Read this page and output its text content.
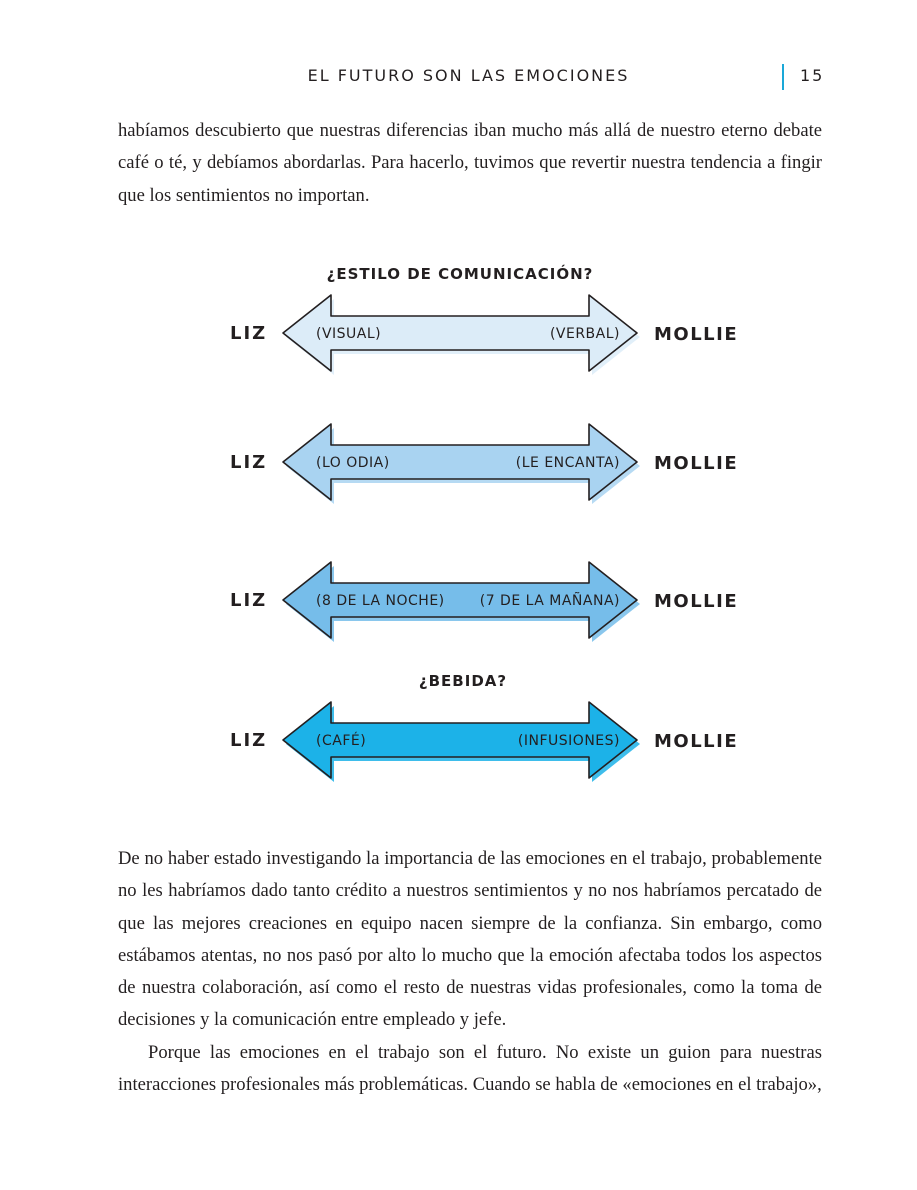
EL FUTURO SON LAS EMOCIONES	15

habíamos descubierto que nuestras diferencias iban mucho más allá de nuestro eterno debate café o té, y debíamos abordarlas. Para hacerlo, tuvimos que revertir nuestra tendencia a fingir que los sentimientos no importan.

LIZ	MOLLIE
(VISUAL)	(VERBAL)
¿ESTILO DE COMUNICACIÓN?
LIZ	MOLLIE
(LO ODIA)	(LE ENCANTA)
LIZ	MOLLIE
(8 DE LA NOCHE)	(7 DE LA MAÑANA)
LIZ	MOLLIE
(CAFÉ)	(INFUSIONES)
¿BEBIDA?

De no haber estado investigando la importancia de las emociones en el trabajo, probablemente no les habríamos dado tanto crédito a nuestros sentimientos y no nos habríamos percatado de que las mejores creaciones en equipo nacen siempre de la confianza. Sin embargo, como estábamos atentas, no nos pasó por alto lo mucho que la emoción afectaba todos los aspectos de nuestra colaboración, así como el resto de nuestras vidas profesionales, como la toma de decisiones y la comunicación entre empleado y jefe.

Porque las emociones en el trabajo son el futuro. No existe un guion para nuestras interacciones profesionales más problemáticas. Cuando se habla de «emociones en el trabajo»,
